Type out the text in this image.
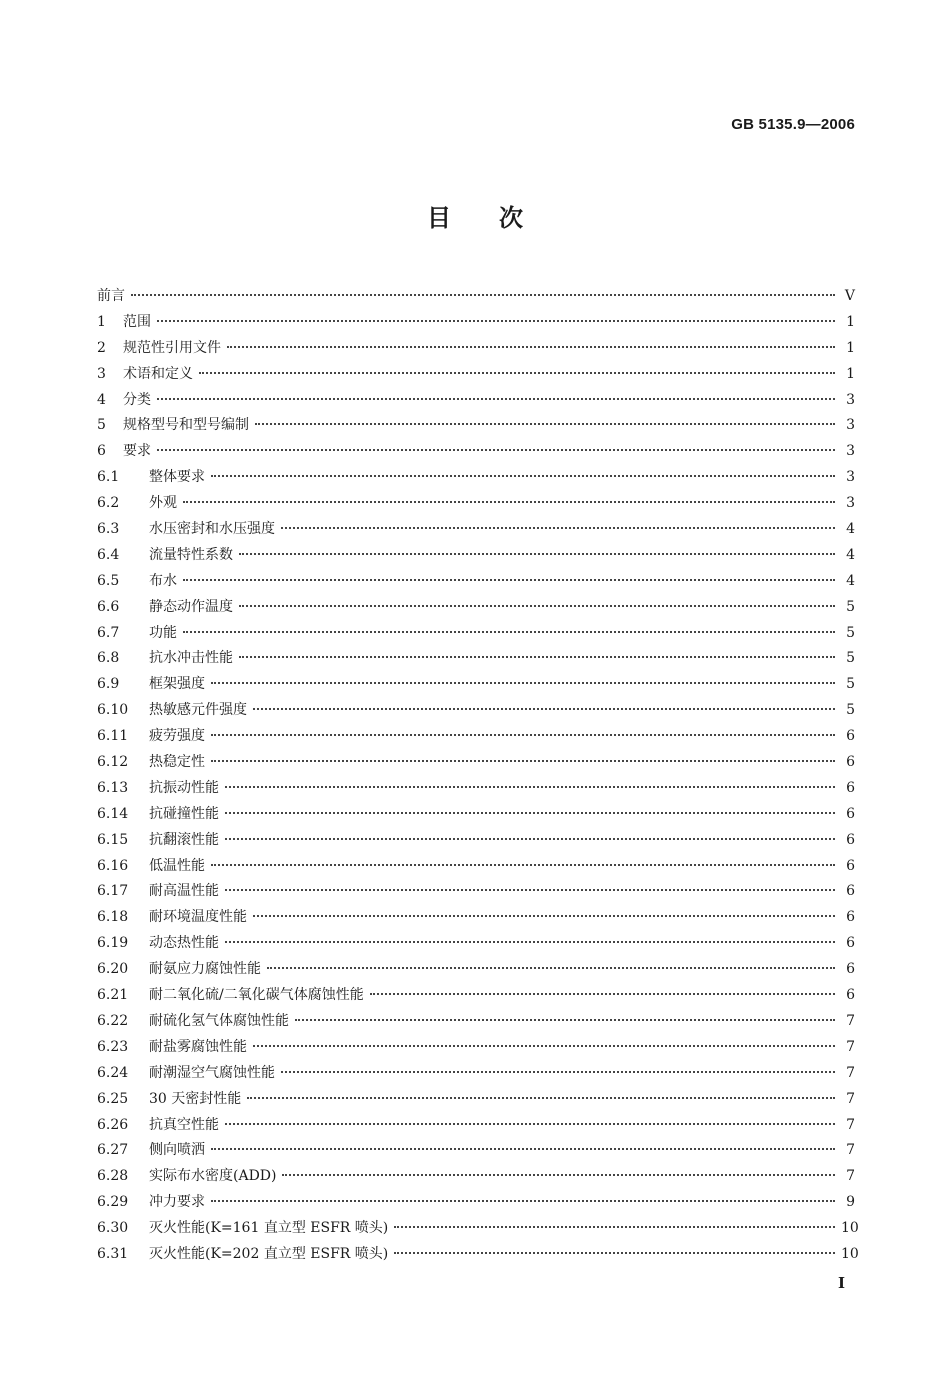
GB 5135.9—2006
目次
前言	V
1	范围	1
2	规范性引用文件	1
3	术语和定义	1
4	分类	3
5	规格型号和型号编制	3
6	要求	3
6.1	整体要求	3
6.2	外观	3
6.3	水压密封和水压强度	4
6.4	流量特性系数	4
6.5	布水	4
6.6	静态动作温度	5
6.7	功能	5
6.8	抗水冲击性能	5
6.9	框架强度	5
6.10	热敏感元件强度	5
6.11	疲劳强度	6
6.12	热稳定性	6
6.13	抗振动性能	6
6.14	抗碰撞性能	6
6.15	抗翻滚性能	6
6.16	低温性能	6
6.17	耐高温性能	6
6.18	耐环境温度性能	6
6.19	动态热性能	6
6.20	耐氨应力腐蚀性能	6
6.21	耐二氧化硫/二氧化碳气体腐蚀性能	6
6.22	耐硫化氢气体腐蚀性能	7
6.23	耐盐雾腐蚀性能	7
6.24	耐潮湿空气腐蚀性能	7
6.25	30 天密封性能	7
6.26	抗真空性能	7
6.27	侧向喷洒	7
6.28	实际布水密度(ADD)	7
6.29	冲力要求	9
6.30	灭火性能(K=161 直立型 ESFR 喷头)	10
6.31	灭火性能(K=202 直立型 ESFR 喷头)	10
I
